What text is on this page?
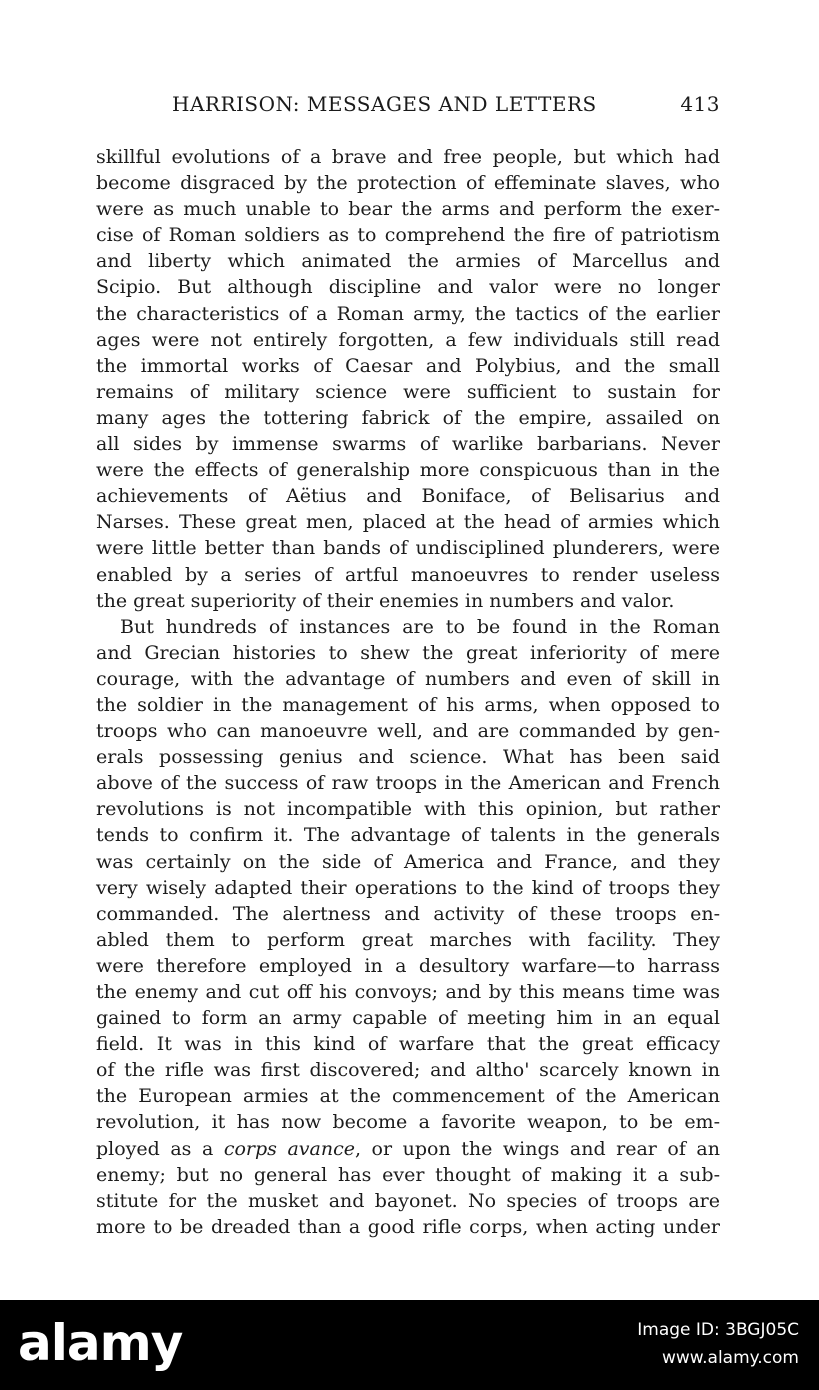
HARRISON: MESSAGES AND LETTERS	413
skillful evolutions of a brave and free people, but which had
become disgraced by the protection of effeminate slaves, who
were as much unable to bear the arms and perform the exer-
cise of Roman soldiers as to comprehend the fire of patriotism
and liberty which animated the armies of Marcellus and
Scipio. But although discipline and valor were no longer
the characteristics of a Roman army, the tactics of the earlier
ages were not entirely forgotten, a few individuals still read
the immortal works of Caesar and Polybius, and the small
remains of military science were sufficient to sustain for
many ages the tottering fabrick of the empire, assailed on
all sides by immense swarms of warlike barbarians. Never
were the effects of generalship more conspicuous than in the
achievements of Aëtius and Boniface, of Belisarius and
Narses. These great men, placed at the head of armies which
were little better than bands of undisciplined plunderers, were
enabled by a series of artful manoeuvres to render useless
the great superiority of their enemies in numbers and valor.
But hundreds of instances are to be found in the Roman
and Grecian histories to shew the great inferiority of mere
courage, with the advantage of numbers and even of skill in
the soldier in the management of his arms, when opposed to
troops who can manoeuvre well, and are commanded by gen-
erals possessing genius and science. What has been said
above of the success of raw troops in the American and French
revolutions is not incompatible with this opinion, but rather
tends to confirm it. The advantage of talents in the generals
was certainly on the side of America and France, and they
very wisely adapted their operations to the kind of troops they
commanded. The alertness and activity of these troops en-
abled them to perform great marches with facility. They
were therefore employed in a desultory warfare—to harrass
the enemy and cut off his convoys; and by this means time was
gained to form an army capable of meeting him in an equal
field. It was in this kind of warfare that the great efficacy
of the rifle was first discovered; and altho' scarcely known in
the European armies at the commencement of the American
revolution, it has now become a favorite weapon, to be em-
ployed as a corps avance, or upon the wings and rear of an
enemy; but no general has ever thought of making it a sub-
stitute for the musket and bayonet. No species of troops are
more to be dreaded than a good rifle corps, when acting under
alamy	Image ID: 3BGJ05C
www.alamy.com
